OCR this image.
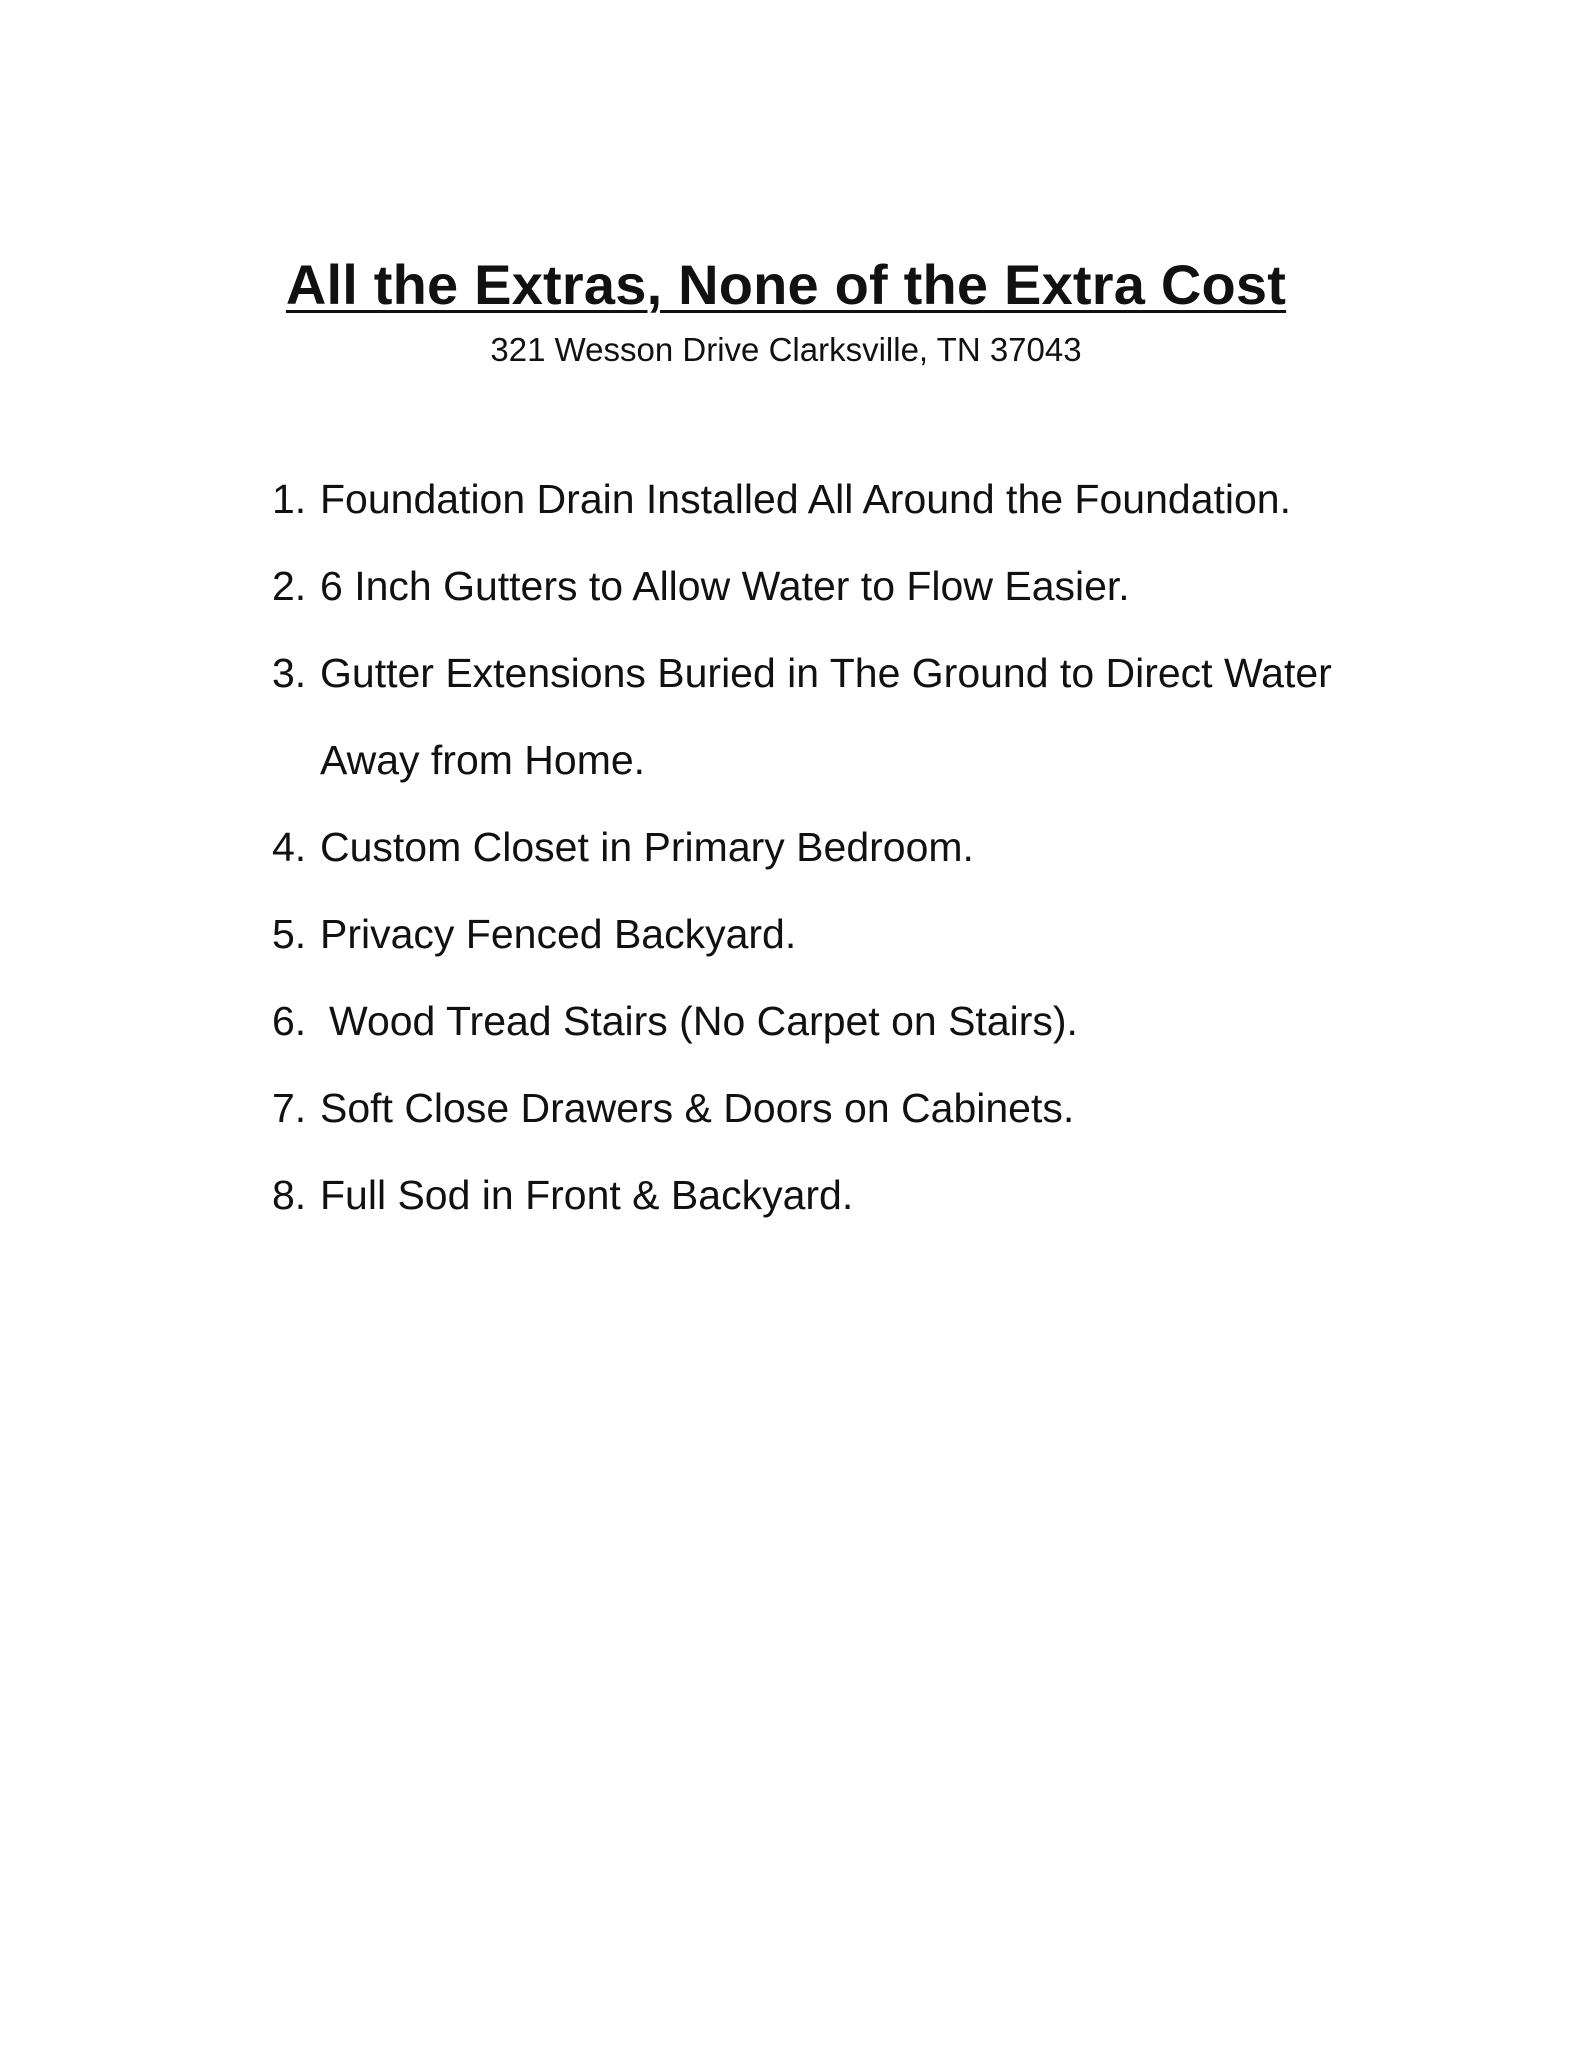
All the Extras, None of the Extra Cost
321 Wesson Drive Clarksville, TN 37043
1. Foundation Drain Installed All Around the Foundation.
2. 6 Inch Gutters to Allow Water to Flow Easier.
3. Gutter Extensions Buried in The Ground to Direct Water Away from Home.
4. Custom Closet in Primary Bedroom.
5. Privacy Fenced Backyard.
6. Wood Tread Stairs (No Carpet on Stairs).
7. Soft Close Drawers & Doors on Cabinets.
8. Full Sod in Front & Backyard.
